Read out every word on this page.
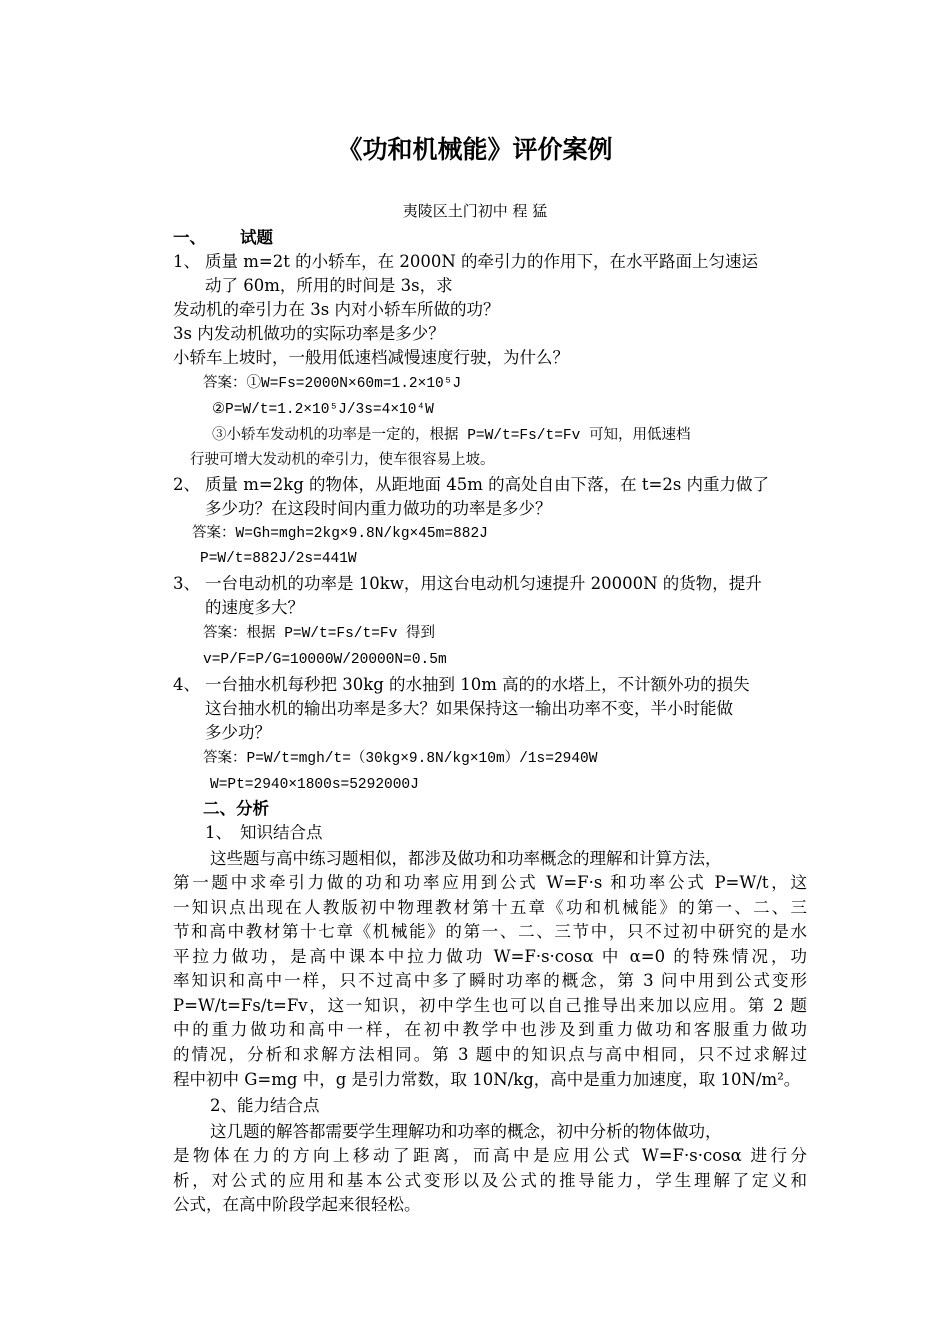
《功和机械能》评价案例
夷陵区土门初中 程 猛
一、 试题
1、 质量 m=2t 的小轿车，在 2000N 的牵引力的作用下，在水平路面上匀速运
动了 60m，所用的时间是 3s，求
发动机的牵引力在 3s 内对小轿车所做的功？
3s 内发动机做功的实际功率是多少？
小轿车上坡时，一般用低速档减慢速度行驶，为什么？
答案：①W=Fs=2000N×60m=1.2×10⁵J
②P=W/t=1.2×10⁵J/3s=4×10⁴W
③小轿车发动机的功率是一定的，根据 P=W/t=Fs/t=Fv 可知，用低速档
行驶可增大发动机的牵引力，使车很容易上坡。
2、 质量 m=2kg 的物体，从距地面 45m 的高处自由下落，在 t=2s 内重力做了
多少功？在这段时间内重力做功的功率是多少？
答案：W=Gh=mgh=2kg×9.8N/kg×45m=882J
P=W/t=882J/2s=441W
3、 一台电动机的功率是 10kw，用这台电动机匀速提升 20000N 的货物，提升
的速度多大？
答案：根据 P=W/t=Fs/t=Fv 得到
v=P/F=P/G=10000W/20000N=0.5m
4、 一台抽水机每秒把 30kg 的水抽到 10m 高的的水塔上，不计额外功的损失
这台抽水机的输出功率是多大？如果保持这一输出功率不变，半小时能做
多少功？
答案：P=W/t=mgh/t=（30kg×9.8N/kg×10m）/1s=2940W
W=Pt=2940×1800s=5292000J
二、分析
1、 知识结合点
这些题与高中练习题相似，都涉及做功和功率概念的理解和计算方法，
第一题中求牵引力做的功和功率应用到公式 W=F·s 和功率公式 P=W/t，这
一知识点出现在人教版初中物理教材第十五章《功和机械能》的第一、二、三
节和高中教材第十七章《机械能》的第一、二、三节中，只不过初中研究的是水
平拉力做功，是高中课本中拉力做功 W=F·s·cosα 中 α=0 的特殊情况，功
率知识和高中一样，只不过高中多了瞬时功率的概念，第 3 问中用到公式变形
P=W/t=Fs/t=Fv，这一知识，初中学生也可以自己推导出来加以应用。第 2 题
中的重力做功和高中一样，在初中教学中也涉及到重力做功和客服重力做功
的情况，分析和求解方法相同。第 3 题中的知识点与高中相同，只不过求解过
程中初中 G=mg 中，g 是引力常数，取 10N/kg，高中是重力加速度，取 10N/m²。
2、能力结合点
这几题的解答都需要学生理解功和功率的概念，初中分析的物体做功，
是物体在力的方向上移动了距离，而高中是应用公式 W=F·s·cosα 进行分
析，对公式的应用和基本公式变形以及公式的推导能力，学生理解了定义和
公式，在高中阶段学起来很轻松。
